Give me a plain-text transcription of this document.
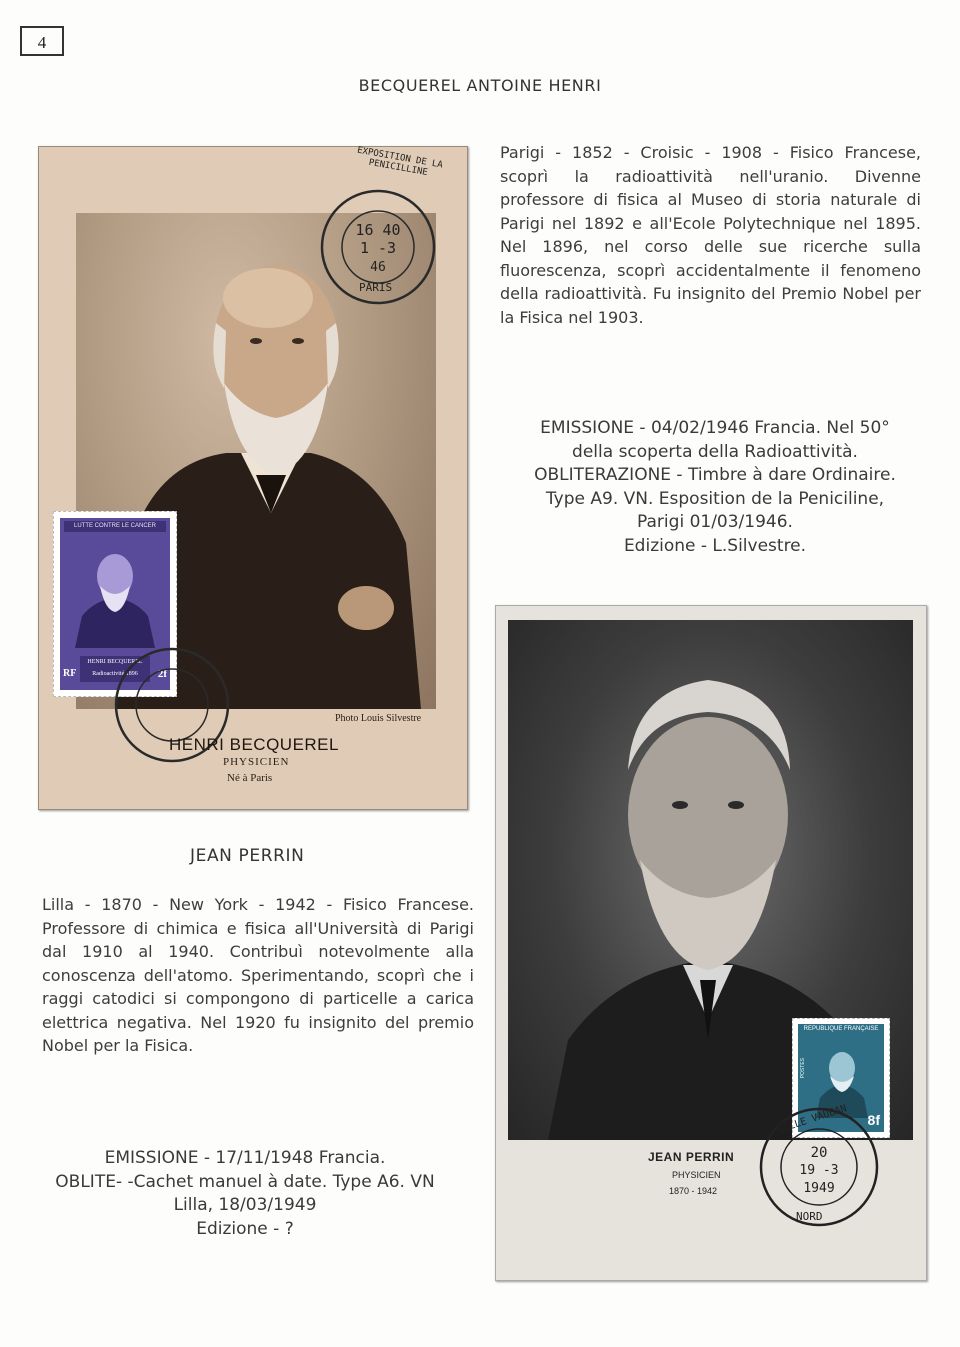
4
BECQUEREL ANTOINE HENRI

Parigi - 1852 - Croisic - 1908 - Fisico Francese, scoprì la radioattività nell'uranio. Divenne professore di fisica al Museo di storia naturale di Parigi nel 1892 e all'Ecole Polytechnique nel 1895. Nel 1896, nel corso delle sue ricerche sulla fluorescenza, scoprì accidentalmente il fenomeno della radioattività. Fu insignito del Premio Nobel per la Fisica nel 1903.

EMISSIONE - 04/02/1946 Francia. Nel 50°
della scoperta della Radioattività.
OBLITERAZIONE - Timbre à dare Ordinaire.
Type A9. VN. Esposition de la Peniciline,
Parigi 01/03/1946.
Edizione - L.Silvestre.
LUTTE CONTRE LE CANCER
HENRI BECQUEREL
Radioactivité 1896
RF	2f
16 40
1 -3
46
EXPOSITION DE LA PENICILLINE
PARIS
Photo Louis Silvestre
HENRI BECQUEREL
PHYSICIEN
Né à Paris
JEAN PERRIN

Lilla - 1870 - New York - 1942 - Fisico Francese. Professore di chimica e fisica all'Università di Parigi dal 1910 al 1940. Contribuì notevolmente alla conoscenza dell'atomo. Sperimentando, scoprì che i raggi catodici si compongono di particelle a carica elettrica negativa. Nel 1920 fu insignito del premio Nobel per la Fisica.

EMISSIONE - 17/11/1948 Francia.
OBLITE- -Cachet manuel à date. Type A6. VN
Lilla, 18/03/1949
Edizione - ?
REPUBLIQUE FRANÇAISE
POSTES
8f
20
19 -3
1949
LILLE VAUBAN
NORD
JEAN PERRIN
PHYSICIEN
1870 - 1942
